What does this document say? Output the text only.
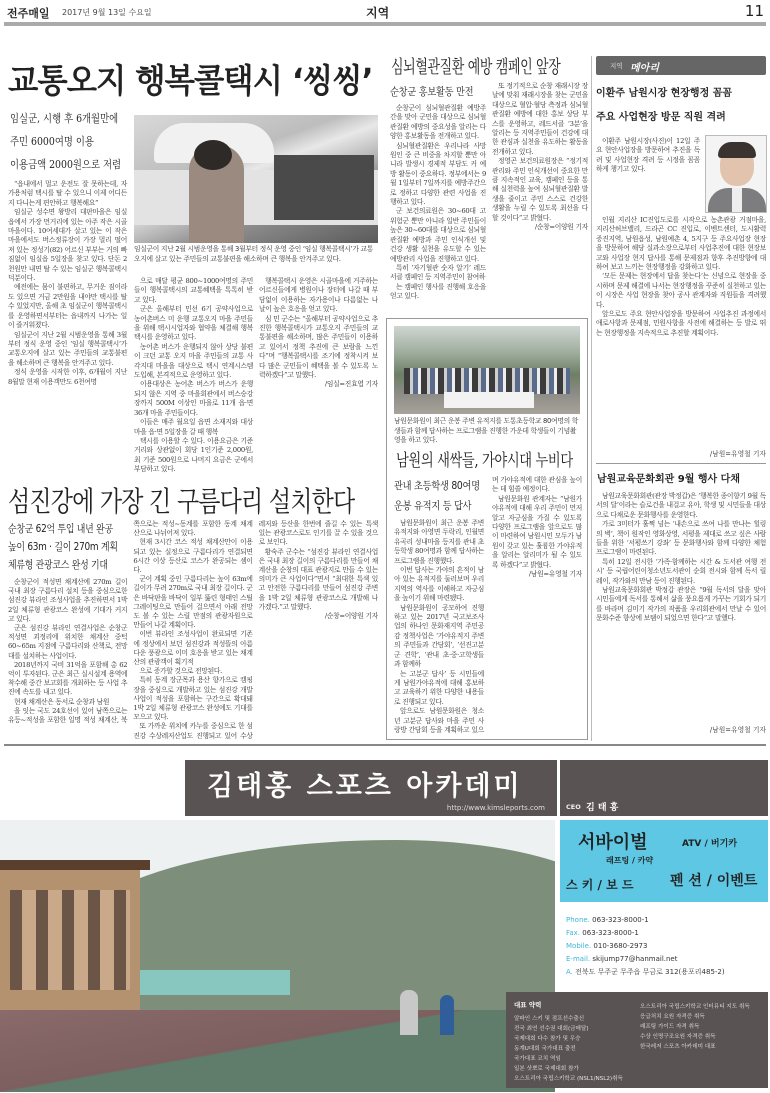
전주매일 2017년 9월 13일 수요일	지역	11
교통오지 행복콜택시 ‘씽씽’
임실군, 시행 후 6개월만에
주민 6000여명 이용
이용금액 2000원으로 저렴

“읍내에서 멀고 운전도 잘 못하는데, 자가용처럼 택시를 탈 수 있으니 이제 어디든지 다니는게 편안하고 행복해요”

임실군 성수면 왕방리 대판마을은 임실읍에서 가장 먼거리에 있는 아주 작은 시골마을이다. 10여세대가 살고 있는 이 작은 마을에서도 버스정류장이 가장 멀리 떨어져 있는 정성기(82) 어르신 부부는 거의 빠짐없이 임실읍 5일장을 찾고 있다. 단돈 2천원만 내면 탈 수 있는 임실군 행복콜택시 덕분이다.

예전에는 몸이 불편하고, 무거운 짐이라도 있으면 거금 2만원을 내야만 택시를 탈 수 있었지만, 올해 초 임실군이 행복콜택시를 운영하면서부터는 읍내까지 나가는 일이 즐거워졌다.

임실군이 지난 2월 시범운영을 통해 3월부터 정식 운영 중인 ‘임실 행복콜택시’가 교통오지에 살고 있는 주민들의 교통불편을 해소하며 큰 행복을 안겨주고 있다.

정식 운영을 시작한 이후, 6개월이 지난 8월말 현재 이용객만도 6천여명

임실군이 지난 2월 시범운영을 통해 3월부터 정식 운영 중인 ‘임실 행복콜택시’가 교통오지에 살고 있는 주민들의 교통불편을 해소하며 큰 행복을 안겨주고 있다.

으로 매달 평균 800~1000여명의 주민들이 행복콜택시의 교통혜택을 톡톡히 받고 있다.

군은 올해부터 민선 6기 공약사업으로 농어촌버스 미 운행 교통오지 마을 주민들을 위해 택시시업자와 협약을 체결해 행복택시를 운영하고 있다.

농어촌 버스가 운행되지 않아 상당 불편이 크던 교통 오지 마을 주민들의 교통 사각지대 마을을 대상으로 택시 연계시스템 도입해, 본격적으로 운영하고 있다.

이용대상은 농어촌 버스가 버스가 운행되지 않은 지역 중 마을회관에서 버스승강장까지 500M 이상인 마을로 11개 읍·면 36개 마을 주민들이다.

이들은 매주 월요일 읍면 소재지와 대상마을 읍·면 5일장을 갈 때 행복

택시를 이용할 수 있다. 이용요금은 기준거리와 상관없이 회당 1인기준 2,000원, 최 기준 500원으로 나머지 요금은 군에서 부담하고 있다.

행복콜택시 운영은 시골마을에 거주하는 어르신들에게 병원이나 장터에 나갈 때 부담없이 이용하는 자가용이나 다름없는 나날이 높은 호응을 얻고 있다.

심 민 군수는 “올해부터 공약사업으로 추진한 행복콜택시가 교통오지 주민들의 교통불편을 해소하며, 많은 주민들이 이용하고 있어서 정책 추진에 큰 보람을 느낀다”며 “행복콜택시를 조기에 정착시켜 보다 많은 군민들이 혜택을 볼 수 있도록 노력하겠다”고 말했다.

/임실=진효엽 기자
섬진강에 가장 긴 구름다리 설치한다
순창군 62억 투입 내년 완공
높이 63m · 길이 270m 계획
체류형 관광코스 완성 기대

순창군이 적성면 채계산에 270m 길이 국내 최장 구름다리 설치 등을 중심으로한 섬진강 뷰라인 조성사업을 추진하면서 1박 2일 체류형 관광코스 완성에 기대가 커지고 있다.

군은 섬진강 뷰라인 연결사업은 순창군 적성면 괴정리에 위치한 채계산 중턱 60~65m 지점에 구름다리와 산책로, 전망대를 설치하는 사업이다.

2018년까지 국비 31억을 포함해 총 62억이 투자된다. 군은 최근 실시설계 용역에 착수해 중간 보고회를 개최하는 등 사업 추진에 속도를 내고 있다.

현재 채계산은 동서로 순창과 남원

을 잇는 국도 24호선이 있어 남쪽으로는 유등~적성을 포함한 일명 적성 채계산, 북쪽으로는 적성~동계를 포함한 동계 채계산으로 나뉘어져 있다.

현재 3시간 코스 적성 채계산만이 이용되고 있는 실정으로 구름다리가 연결되면 6시간 이상 등산로 코스가 완공되는 셈이다.

군이 계획 중인 구름다리는 높이 63m에 길이가 무려 270m로 국내 최장 길이다. 군은 바닥판을 바닥이 일부 뚫린 형태인 스틸그레이팅으로 만들어 걸으면서 아래 전망도 볼 수 있는 스릴 만점의 관광자원으로 만들어 나갈 계획이다.

이번 뷰라인 조성사업이 완료되면 기존에 정상에서 보던 섬진강과 적성뜰의 아름다운 풍광으로 이미 호응을 받고 있는 채계산의 관광객이 획기적

으로 증가할 것으로 전망된다.

특히 동계 장군목과 용산 향가으로 캠핑장을 중심으로 개발하고 있는 섬진강 개발사업이 적성을 포함하는 구간으로 확대돼 1박 2일 체류형 관광코스 완성에도 기대를 모으고 있다.

또 가까운 위치에 카누를 중심으로 한 섬진강 수상레저산업도 진행되고 있어 수상레저와 등산을 한번에 즐길 수 있는 특색 있는 관광코스로도 인기를 끌 수 있을 것으로 보인다.

황숙주 군수는 “섬진강 뷰라인 연결사업은 국내 최장 길이의 구름다리를 만들어 채계산을 순창의 대표 관광지로 만들 수 있는 의미가 큰 사업이다”면서 “최대한 특색 있고 안전한 구름다리를 만들어 섬진강 주변을 1박 2일 체류형 관광코스로 개발해 나가겠다.”고 말했다.

/순창=이양원 기자
심뇌혈관질환 예방 캠페인 앞장
순창군 홍보활동 만전

순창군이 심뇌혈관질환 예방주간을 맞아 군민을 대상으로 심뇌혈관질환 예방의 중요성을 알리는 다양한 홍보활동을 전개하고 있다.

심뇌혈관질환은 우리나라 사망원인 중 큰 비중을 차지할 뿐만 아니라 발생시 경제적 부담도 커 예방 활동이 중요하다. 정부에서는 9월 1일부터 7일까지를 예방주간으로 정하고 다양한 관련 사업을 진행하고 있다.

군 보건의료원은 30~60대 고 위험군 뿐만 아니라 일반 주민들이 높은 30~60대를 대상으로 심뇌혈관질환 예방과 주민 인식개선 및 건강 생활 실천을 유도할 수 있는 예방관리 사업을 진행하고 있다.

특히 ‘자기혈관 숫자 알기’ 레드서클 캠페인 등 지역주민이 참여하

는 캠페인 행사를 진행해 호응을 얻고 있다.

또 정기적으로 순창 재래시장 장날에 맞춰 재래시장을 찾는 군민을 대상으로 혈압·혈당 측정과 심뇌혈관질환 예방에 대한 홍보 상담 부스를 운영하고, 레드서클 ‘3분’을 알리는 등 지역주민들이 건강에 대한 관심과 실천을 유도하는 활동을 전개하고 있다.

정영곤 보건의료원장은 “정기적 관리와 주민 인식개선이 중요한 만큼 지속적인 교육, 캠페인 등을 통해 실천력을 높여 심뇌혈관질환 발생을 줄이고 주민 스스로 건강한 생활을 누릴 수 있도록 최선을 다할 것이다”고 밝혔다.

/순창=이양원 기자
남원문화원이 최근 운봉 주변 유적지를 도통초등학교 80여명의 학생들과 함께 답사하는 프로그램을 진행한 가운데 학생들이 기념촬영을 하고 있다.
남원의 새싹들, 가야시대 누비다
관내 초등학생 80여명
운봉 유적지 등 답사

남원문화원이 최근 운봉 주변 유적지와 아영면 두락리, 인월면 유곡리 성내마을 등지를 관내 초등학생 80여명과 함께 답사하는 프로그램을 진행했다.

이번 답사는 가야의 흔적이 남아 있는 유적지를 둘러보며 우리 지역의 역사를 이해하고 자긍심을 높이기 위해 마련됐다.

남원문화원이 공모하여 진행하고 있는 2017년 국고보조사업의 하나인 문화재지역 주민공감 정책사업은 ‘가야유적지 주변의 주민들과 간담회’, ‘선진고분군 견학’, ‘관내 초·중·고학생들과 함께하

는 고분군 답사’ 등 시민들에게 남원가야유적에 대해 홍보하고 교육하기 위한 다양한 내용들로 진행되고 있다.

앞으로도 남원문화원은 청소년 고분군 답사와 마을 주민 사랑방 간담회 등을 계획하고 있으며 가야유적에 대한 관심을 높이는 데 힘쓸 예정이다.

남원문화원 관계자는 “남원가야유적에 대해 우리 주민이 먼저 알고 자긍심을 가질 수 있도록 다양한 프로그램을 앞으로도 많이 마련하여 남원시민 모두가 남원이 갖고 있는 훌륭한 가야유적을 알리는 알리미가 될 수 있도록 하겠다”고 밝혔다.

/남원=유영철 기자
지역 메아리
이환주 남원시장 현장행정 꼼꼼
주요 사업현장 방문 직원 격려
이환주 남원시장(사진)이 12일 주요 현안사업장을 방문하여 추진을 독려 및 사업현장 격려 등 시정을 꼼꼼하게 챙기고 있다.

인월 지리산 IC진입도로를 시작으로 농촌관광 거점마을, 지리산허브밸리, 드라곤 CC 진입로, 이벤트센터, 도시활력 증진지역, 남원읍성, 남원예촌 4, 5지구 등 주요사업장 현장을 방문하여 해당 실과소장으로부터 사업추진에 대한 현장보고와 사업장 현지 답사를 통해 문제점과 향후 추진방향에 대하여 보고 느끼는 현장행정을 강화하고 있다.

‘모든 문제는 현장에서 답을 찾는다’는 신념으로 현장을 중시하며 문제 해결에 나서는 현장행정을 꾸준히 실천하고 있는 이 시장은 사업 현장을 찾아 공사 관계자와 직원들을 격려했다.

앞으로도 주요 현안사업장을 방문하여 사업추진 과정에서 애로사항과 문제점, 민원사항을 사전에 해결하는 등 발로 뛰는 현장행정을 지속적으로 추진할 계획이다.

/남원=유영철 기자
남원교육문화회관 9월 행사 다채

남원교육문화회관(관장 박정갑)은 ‘행복한 종이향기 9월 독서의 달’이라는 슬로건을 내걸고 유아, 학생 및 시민들을 대상으로 다채로운 문화행사를 운영한다.

가로 3미터가 훌쩍 넘는 ‘내손으로 쓰여 나를 만나는 힐링의 벽’, 책이 원작인 영화상영, 서평을 제대로 쓰고 싶은 사람들을 위한 ‘서평쓰기 강좌’ 등 문화행사와 함께 다양한 체험 프로그램이 마련된다.

특히 12일 전시한 ‘가족·함께하는 시간 & 도서관 여행 전시’ 등 국립어린이청소년도서관이 순회 전시와 함께 독서 릴레이, 작가와의 만남 등이 진행된다.

남원교육문화회관 박정갑 관장은 “9월 독서의 달을 맞아 시민들에게 독서를 통해서 삶을 풍요롭게 가꾸는 기회가 되기를 바라며 김미기 작가의 작품을 우리회관에서 만날 수 있어 문화수준 향상에 보탬이 되었으면 한다”고 말했다.

/남원=유영철 기자
김태홍 스포츠 아카데미
http://www.kimsleports.com	CEO 김 태 홍
서바이벌	ATV / 버기카
래프팅 / 카약
스 키 / 보 드	펜 션 / 이벤트
Phone. 063-323-8000-1
Fax. 063-323-8000-1
Mobile. 010-3680-2973
E-mail. skijump77@hanmail.net
A. 전북도 무주군 무주읍 무금로 312(용포리485-2)
대표 약력
알파인 스키 및 점프선수출신
전국 최연 선수권 대회(금메달)
국제대회 다수 참가 및 우승
동계U대회 국가대표 출전
국가대표 코치 역임
일본 삿뽀로 국제대회 참가
오스트리아 국립스키학교 (NSL1/NSL2)취득
오스트리아 국립스키학교 인터뮤티 지도 취득
응급처치 요원 자격증 취득
래프팅 가이드 자격 취득
수상 인명구조요원 자격증 취득
한국레저 스포츠 아카데미 대표
